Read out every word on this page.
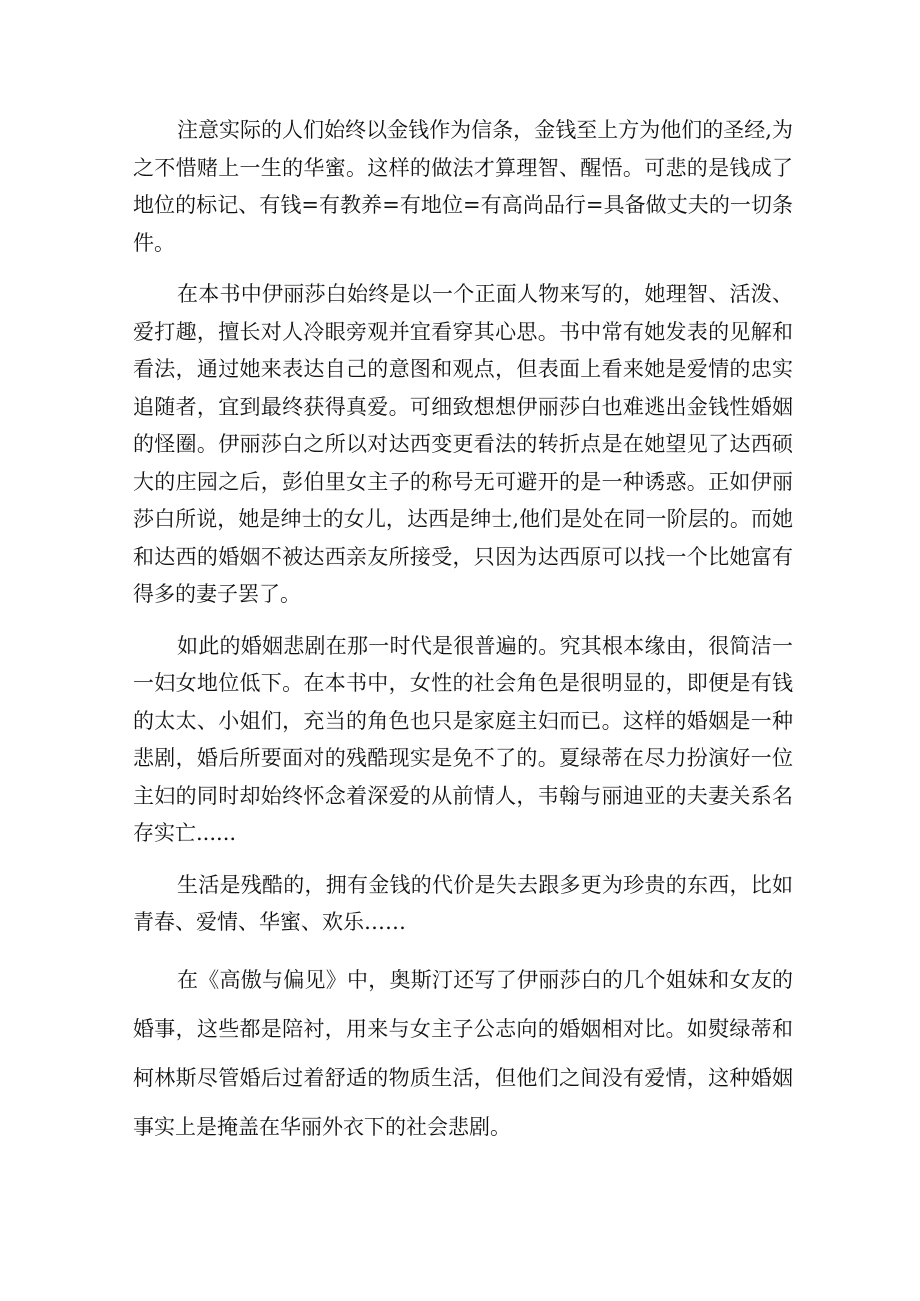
注意实际的人们始终以金钱作为信条，金钱至上方为他们的圣经,为之不惜赌上一生的华蜜。这样的做法才算理智、醒悟。可悲的是钱成了地位的标记、有钱=有教养=有地位=有高尚品行=具备做丈夫的一切条件。

在本书中伊丽莎白始终是以一个正面人物来写的，她理智、活泼、爱打趣，擅长对人冷眼旁观并宜看穿其心思。书中常有她发表的见解和看法，通过她来表达自己的意图和观点，但表面上看来她是爱情的忠实追随者，宜到最终获得真爱。可细致想想伊丽莎白也难逃出金钱性婚姻的怪圈。伊丽莎白之所以对达西变更看法的转折点是在她望见了达西硕大的庄园之后，彭伯里女主子的称号无可避开的是一种诱惑。正如伊丽莎白所说，她是绅士的女儿，达西是绅士,他们是处在同一阶层的。而她和达西的婚姻不被达西亲友所接受，只因为达西原可以找一个比她富有得多的妻子罢了。

如此的婚姻悲剧在那一时代是很普遍的。究其根本缘由，很简洁一一妇女地位低下。在本书中，女性的社会角色是很明显的，即便是有钱的太太、小姐们，充当的角色也只是家庭主妇而已。这样的婚姻是一种悲剧，婚后所要面对的残酷现实是免不了的。夏绿蒂在尽力扮演好一位主妇的同时却始终怀念着深爱的从前情人，韦翰与丽迪亚的夫妻关系名存实亡......

生活是残酷的，拥有金钱的代价是失去跟多更为珍贵的东西，比如青春、爱情、华蜜、欢乐……

在《高傲与偏见》中，奥斯汀还写了伊丽莎白的几个姐妹和女友的婚事，这些都是陪衬，用来与女主子公志向的婚姻相对比。如熨绿蒂和柯林斯尽管婚后过着舒适的物质生活，但他们之间没有爱情，这种婚姻事实上是掩盖在华丽外衣下的社会悲剧。
